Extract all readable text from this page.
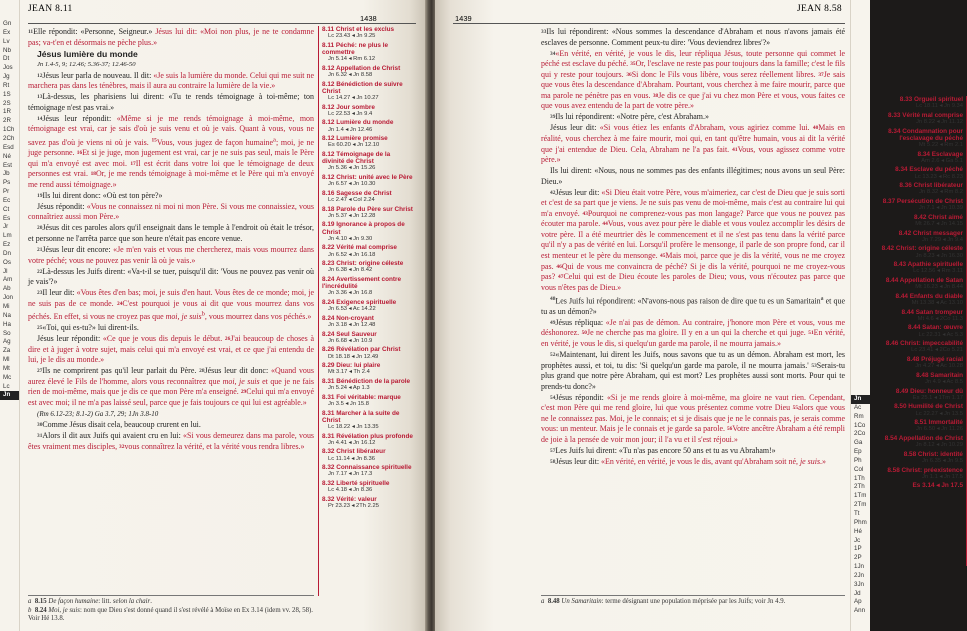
Gn
Ex
Lv
Nb
Dt
Jos
Jg
Rt
1S
2S
1R
2R
1Ch
2Ch
Esd
Né
Est
Jb
Ps
Pr
Ec
Ct
Es
Jr
Lm
Ez
Dn
Os
Jl
Am
Ab
Jon
Mi
Na
Ha
So
Ag
Za
Ml
Mt
Mc
Lc
Jn
JEAN 8.11
1438

$^{11}$Elle répondit: «Personne, Seigneur.» Jésus lui dit: «Moi non plus, je ne te condamne pas; va-t'en et désormais ne pèche plus.»

Jésus lumière du monde

Jn 1.4-5, 9; 12.46; 5.36-37; 12.46-50

$^{12}$Jésus leur parla de nouveau. Il dit: «Je suis la lumière du monde. Celui qui me suit ne marchera pas dans les ténèbres, mais il aura au contraire la lumière de la vie.»

$^{13}$Là-dessus, les pharisiens lui dirent: «Tu te rends témoignage à toi-même; ton témoignage n'est pas vrai.»

$^{14}$Jésus leur répondit: «Même si je me rends témoignage à moi-même, mon témoignage est vrai, car je sais d'où je suis venu et où je vais. Quant à vous, vous ne savez pas d'où je viens ni où je vais. $^{15}$Vous, vous jugez de façon humaine$^a$; moi, je ne juge personne. $^{16}$Et si je juge, mon jugement est vrai, car je ne suis pas seul, mais le Père qui m'a envoyé est avec moi. $^{17}$Il est écrit dans votre loi que le témoignage de deux personnes est vrai. $^{18}$Or, je me rends témoignage à moi-même et le Père qui m'a envoyé me rend aussi témoignage.»

$^{19}$Ils lui dirent donc: «Où est ton père?»

Jésus répondit: «Vous ne connaissez ni moi ni mon Père. Si vous me connaissiez, vous connaîtriez aussi mon Père.»

$^{20}$Jésus dit ces paroles alors qu'il enseignait dans le temple à l'endroit où était le trésor, et personne ne l'arrêta parce que son heure n'était pas encore venue.

$^{21}$Jésus leur dit encore: «Je m'en vais et vous me chercherez, mais vous mourrez dans votre péché; vous ne pouvez pas venir là où je vais.»

$^{22}$Là-dessus les Juifs dirent: «Va-t-il se tuer, puisqu'il dit: 'Vous ne pouvez pas venir où je vais'?»

$^{23}$Il leur dit: «Vous êtes d'en bas; moi, je suis d'en haut. Vous êtes de ce monde; moi, je ne suis pas de ce monde. $^{24}$C'est pourquoi je vous ai dit que vous mourrez dans vos péchés. En effet, si vous ne croyez pas que moi, je suis$^b$, vous mourrez dans vos péchés.»

$^{25}$«Toi, qui es-tu?» lui dirent-ils.

Jésus leur répondit: «Ce que je vous dis depuis le début. $^{26}$J'ai beaucoup de choses à dire et à juger à votre sujet, mais celui qui m'a envoyé est vrai, et ce que j'ai entendu de lui, je le dis au monde.»

$^{27}$Ils ne comprirent pas qu'il leur parlait du Père. $^{28}$Jésus leur dit donc: «Quand vous aurez élevé le Fils de l'homme, alors vous reconnaîtrez que moi, je suis et que je ne fais rien de moi-même, mais que je dis ce que mon Père m'a enseigné. $^{29}$Celui qui m'a envoyé est avec moi; il ne m'a pas laissé seul, parce que je fais toujours ce qui lui est agréable.»

(Rm 6.12-23; 8.1-2) Ga 3.7, 29; 1Jn 3.8-10

$^{30}$Comme Jésus disait cela, beaucoup crurent en lui.

$^{31}$Alors il dit aux Juifs qui avaient cru en lui: «Si vous demeurez dans ma parole, vous êtes vraiment mes disciples, $^{32}$vous connaîtrez la vérité, et la vérité vous rendra libres.»

8.11 Christ et les exclus
Lc 23.43 ◂ Jn 9.25
8.11 Péché: ne plus le commettre
Jn 5.14 ◂ Rm 6.12
8.12 Appellation de Christ
Jn 6.32 ◂ Jn 8.58
8.12 Bénédiction de suivre Christ
Lc 14.27 ◂ Jn 10.27
8.12 Jour sombre
Lc 22.53 ◂ Jn 9.4
8.12 Lumière du monde
Jn 1.4 ◂ Jn 12.46
8.12 Lumière promise
Es 60.20 ◂ Jn 12.10
8.12 Témoignage de la divinité de Christ
Jn 5.36 ◂ Jn 15.26
8.12 Christ: unité avec le Père
Jn 6.57 ◂ Jn 10.30
8.16 Sagesse de Christ
Lc 2.47 ◂ Col 2.24
8.18 Parole du Père sur Christ
Jn 5.37 ◂ Jn 12.28
8.19 Ignorance à propos de Christ
Jn 4.10 ◂ Jn 9.30
8.22 Vérité mal comprise
Jn 6.52 ◂ Jn 16.18
8.23 Christ: origine céleste
Jn 6.38 ◂ Jn 8.42
8.24 Avertissement contre l'incrédulité
Jn 3.36 ◂ Jn 16.8
8.24 Exigence spirituelle
Jn 6.53 ◂ Ac 14.22
8.24 Non-croyant
Jn 3.18 ◂ Jn 12.48
8.24 Seul Sauveur
Jn 6.68 ◂ Jn 10.9
8.26 Révélation par Christ
Dt 18.18 ◂ Jn 12.49
8.29 Dieu: lui plaire
Mt 3.17 ◂ Th 2.4
8.31 Bénédiction de la parole
Jn 5.24 ◂ Ap 1.3
8.31 Foi véritable: marque
Jn 3.5 ◂ Jn 15.8
8.31 Marcher à la suite de Christ
Lc 18.22 ◂ Jn 13.35
8.31 Révélation plus profonde
Jn 4.41 ◂ Jn 16.12
8.32 Christ libérateur
Lc 11.14 ◂ Jn 8.36
8.32 Connaissance spirituelle
Jn 7.17 ◂ Jn 17.3
8.32 Liberté spirituelle
Lc 4.18 ◂ Jn 8.36
8.32 Vérité: valeur
Pr 23.23 ◂ 2Th 2.25
a 8.15 De façon humaine: litt. selon la chair.
b 8.24 Moi, je suis: nom que Dieu s'est donné quand il s'est révélé à Moïse en Ex 3.14 (idem vv. 28, 58). Voir Hé 13.8.
1439
JEAN 8.58
8.33 Orgueil spirituel
Lc 18.11 ◂ Jn 9.34
8.33 Vérité mal comprise
Jn 8.22 ◂ Jn 11.12
8.34 Condamnation pour l'esclavage du péché
Mt 5.22 ◂ Rm 2.1
8.34 Esclavage
Am 2.6 ◂ Ga 5.1
8.34 Esclave du péché
Lc 13.23 ◂ Rc 8.23
8.36 Christ libérateur
Jn 8.32 ◂ Rm 8.2
8.37 Persécution de Christ
Jn 7.1 ◂ Jn 10.39
8.42 Christ aimé
Mt 26.7 ◂ Jn 14.15
8.42 Christ messager
Jn 7.29 ◂ Jn 9.4
8.42 Christ: origine céleste
Jn 8.23 ◂ Jn 16.30
8.43 Apathie spirituelle
Lc 12.56 ◂ Rm 3.11
8.44 Appellation de Satan
Mt 16.23 ◂ Jn 8.44
8.44 Enfants du diable
Mt 13.38 ◂ Ac 13.10
8.44 Satan trompeur
Mt 4.6 ◂ 2Co 11.3
8.44 Satan: œuvre
Lc 22.31 ◂ Ac 5.3
8.46 Christ: impeccabilité
Lc 23.41 ◂ 2Co 5.21
8.48 Préjugé racial
Jn 4.27 ◂ Ac 10.28
8.48 Samaritain
Jn 4.9 ◂ Ac 8.5
8.49 Dieu: honneur dû
Es 25.1 ◂ 1Tm 1.17
8.50 Humilité de Christ
Lc 22.27 ◂ Jn 13.5
8.51 Immortalité
Jn 6.50 ◂ Jn 11.26
8.54 Appellation de Christ
Jn 8.12 ◂ Jn 10.29
8.58 Christ: identité
Jn 6.35 ◂ Jn 9.5
8.58 Christ: préexistence
Jn 1.1 ◂ Jn 17.5
Es 3.14 ◂ Jn 17.5

$^{33}$Ils lui répondirent: «Nous sommes la descendance d'Abraham et nous n'avons jamais été esclaves de personne. Comment peux-tu dire: 'Vous deviendrez libres'?»

$^{34}$«En vérité, en vérité, je vous le dis, leur répliqua Jésus, toute personne qui commet le péché est esclave du péché. $^{35}$Or, l'esclave ne reste pas pour toujours dans la famille; c'est le fils qui y reste pour toujours. $^{36}$Si donc le Fils vous libère, vous serez réellement libres. $^{37}$Je sais que vous êtes la descendance d'Abraham. Pourtant, vous cherchez à me faire mourir, parce que ma parole ne pénètre pas en vous. $^{38}$Je dis ce que j'ai vu chez mon Père et vous, vous faites ce que vous avez entendu de la part de votre père.»

$^{39}$Ils lui répondirent: «Notre père, c'est Abraham.»

Jésus leur dit: «Si vous étiez les enfants d'Abraham, vous agiriez comme lui. $^{40}$Mais en réalité, vous cherchez à me faire mourir, moi qui, en tant qu'être humain, vous ai dit la vérité que j'ai entendue de Dieu. Cela, Abraham ne l'a pas fait. $^{41}$Vous, vous agissez comme votre père.»

Ils lui dirent: «Nous, nous ne sommes pas des enfants illégitimes; nous avons un seul Père: Dieu.»

$^{42}$Jésus leur dit: «Si Dieu était votre Père, vous m'aimeriez, car c'est de Dieu que je suis sorti et c'est de sa part que je viens. Je ne suis pas venu de moi-même, mais c'est au contraire lui qui m'a envoyé. $^{43}$Pourquoi ne comprenez-vous pas mon langage? Parce que vous ne pouvez pas écouter ma parole. $^{44}$Vous, vous avez pour père le diable et vous voulez accomplir les désirs de votre père. Il a été meurtrier dès le commencement et il ne s'est pas tenu dans la vérité parce qu'il n'y a pas de vérité en lui. Lorsqu'il profère le mensonge, il parle de son propre fond, car il est menteur et le père du mensonge. $^{45}$Mais moi, parce que je dis la vérité, vous ne me croyez pas. $^{46}$Qui de vous me convaincra de péché? Si je dis la vérité, pourquoi ne me croyez-vous pas? $^{47}$Celui qui est de Dieu écoute les paroles de Dieu; vous, vous n'écoutez pas parce que vous n'êtes pas de Dieu.»

$^{48}$Les Juifs lui répondirent: «N'avons-nous pas raison de dire que tu es un Samaritain$^a$ et que tu as un démon?»

$^{49}$Jésus répliqua: «Je n'ai pas de démon. Au contraire, j'honore mon Père et vous, vous me déshonorez. $^{50}$Je ne cherche pas ma gloire. Il y en a un qui la cherche et qui juge. $^{51}$En vérité, en vérité, je vous le dis, si quelqu'un garde ma parole, il ne mourra jamais.»

$^{52}$«Maintenant, lui dirent les Juifs, nous savons que tu as un démon. Abraham est mort, les prophètes aussi, et toi, tu dis: 'Si quelqu'un garde ma parole, il ne mourra jamais.' $^{53}$Serais-tu plus grand que notre père Abraham, qui est mort? Les prophètes aussi sont morts. Pour qui te prends-tu donc?»

$^{54}$Jésus répondit: «Si je me rends gloire à moi-même, ma gloire ne vaut rien. Cependant, c'est mon Père qui me rend gloire, lui que vous présentez comme votre Dieu $^{55}$alors que vous ne le connaissez pas. Moi, je le connais; et si je disais que je ne le connais pas, je serais comme vous: un menteur. Mais je le connais et je garde sa parole. $^{56}$Votre ancêtre Abraham a été rempli de joie à la pensée de voir mon jour; il l'a vu et il s'est réjoui.»

$^{57}$Les Juifs lui dirent: «Tu n'as pas encore 50 ans et tu as vu Abraham!»

$^{58}$Jésus leur dit: «En vérité, en vérité, je vous le dis, avant qu'Abraham soit né, je suis.»

a 8.48 Un Samaritain: terme désignant une population méprisée par les Juifs; voir Jn 4.9.
Jn
Ac
Rm
1Co
2Co
Ga
Ep
Ph
Col
1Th
2Th
1Tm
2Tm
Tt
Phm
Hé
Jc
1P
2P
1Jn
2Jn
3Jn
Jd
Ap
Ann
